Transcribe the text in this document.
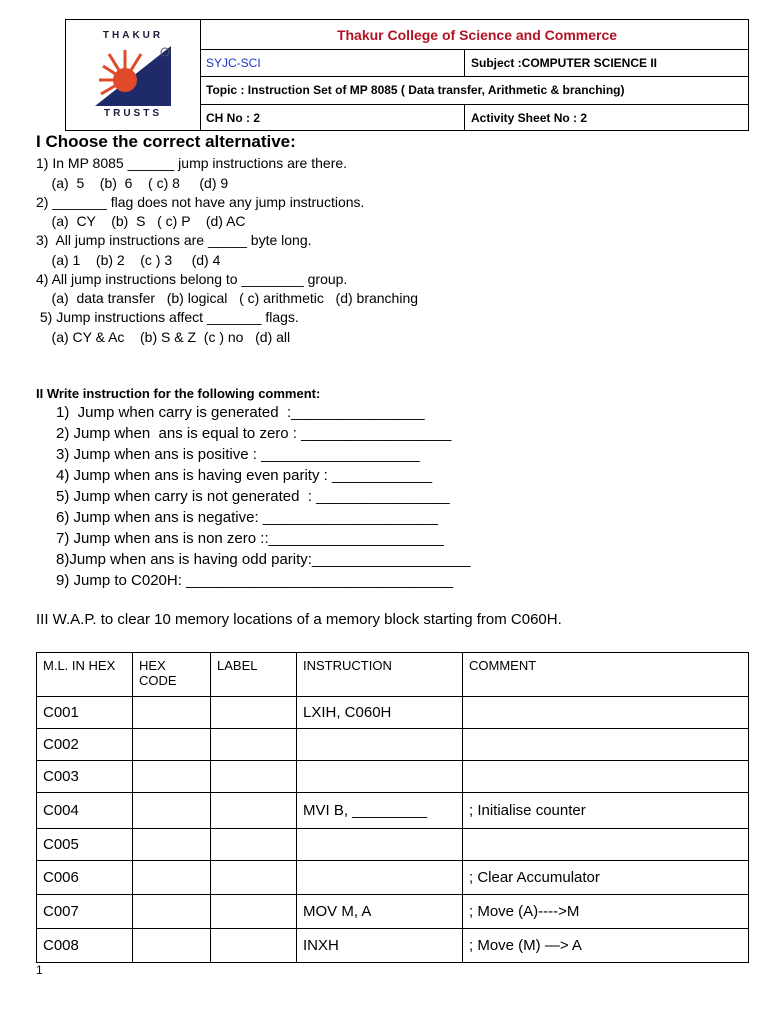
THAKUR
TRUSTS
Thakur College of Science and Commerce
SYJC-SCI	Subject :COMPUTER SCIENCE II
Topic : Instruction Set of MP 8085 ( Data transfer, Arithmetic & branching)
CH No : 2	Activity Sheet No : 2
I Choose the correct alternative:
1) In MP 8085 ______ jump instructions are there.
(a)  5    (b)  6    ( c) 8     (d) 9
2) _______ flag does not have any jump instructions.
(a)  CY    (b)  S   ( c) P    (d) AC
3)  All jump instructions are _____ byte long.
(a) 1    (b) 2    (c ) 3     (d) 4
4) All jump instructions belong to ________ group.
(a)  data transfer   (b) logical   ( c) arithmetic   (d) branching
5) Jump instructions affect _______ flags.
(a) CY & Ac    (b) S & Z  (c ) no   (d) all
II Write instruction for the following comment:
1)  Jump when carry is generated  :________________
2) Jump when  ans is equal to zero : __________________
3) Jump when ans is positive : ___________________
4) Jump when ans is having even parity : ____________
5) Jump when carry is not generated  : ________________
6) Jump when ans is negative: _____________________
7) Jump when ans is non zero ::_____________________
8)Jump when ans is having odd parity:___________________
9) Jump to C020H: ________________________________
III W.A.P. to clear 10 memory locations of a memory block starting from C060H.
M.L. IN HEX	HEX CODE	LABEL	INSTRUCTION	COMMENT
C001			LXIH, C060H	
C002				
C003				
C004			MVI B, _________	; Initialise counter
C005				
C006				; Clear Accumulator
C007			MOV M, A	; Move (A)---->M
C008			INXH	; Move (M) —> A
1
